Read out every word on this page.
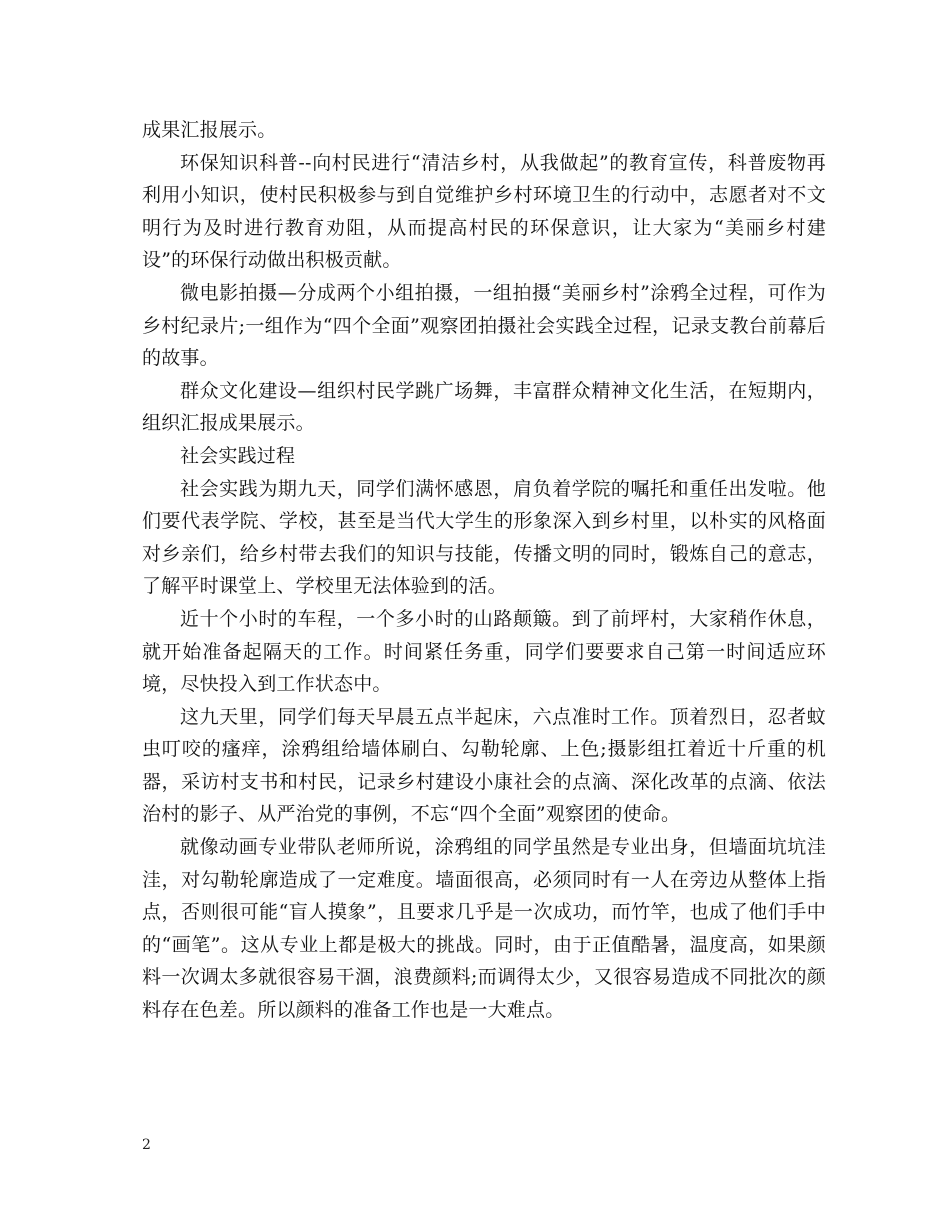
成果汇报展示。

环保知识科普--向村民进行“清洁乡村，从我做起”的教育宣传，科普废物再利用小知识，使村民积极参与到自觉维护乡村环境卫生的行动中，志愿者对不文明行为及时进行教育劝阻，从而提高村民的环保意识，让大家为“美丽乡村建设”的环保行动做出积极贡献。

微电影拍摄—分成两个小组拍摄，一组拍摄“美丽乡村”涂鸦全过程，可作为乡村纪录片;一组作为“四个全面”观察团拍摄社会实践全过程，记录支教台前幕后的故事。

群众文化建设—组织村民学跳广场舞，丰富群众精神文化生活，在短期内，组织汇报成果展示。

社会实践过程

社会实践为期九天，同学们满怀感恩，肩负着学院的嘱托和重任出发啦。他们要代表学院、学校，甚至是当代大学生的形象深入到乡村里，以朴实的风格面对乡亲们，给乡村带去我们的知识与技能，传播文明的同时，锻炼自己的意志，了解平时课堂上、学校里无法体验到的活。

近十个小时的车程，一个多小时的山路颠簸。到了前坪村，大家稍作休息，就开始准备起隔天的工作。时间紧任务重，同学们要要求自己第一时间适应环境，尽快投入到工作状态中。

这九天里，同学们每天早晨五点半起床，六点准时工作。顶着烈日，忍者蚊虫叮咬的瘙痒，涂鸦组给墙体刷白、勾勒轮廓、上色;摄影组扛着近十斤重的机器，采访村支书和村民，记录乡村建设小康社会的点滴、深化改革的点滴、依法治村的影子、从严治党的事例，不忘“四个全面”观察团的使命。

就像动画专业带队老师所说，涂鸦组的同学虽然是专业出身，但墙面坑坑洼洼，对勾勒轮廓造成了一定难度。墙面很高，必须同时有一人在旁边从整体上指点，否则很可能“盲人摸象”，且要求几乎是一次成功，而竹竿，也成了他们手中的“画笔”。这从专业上都是极大的挑战。同时，由于正值酷暑，温度高，如果颜料一次调太多就很容易干涸，浪费颜料;而调得太少，又很容易造成不同批次的颜料存在色差。所以颜料的准备工作也是一大难点。

2
